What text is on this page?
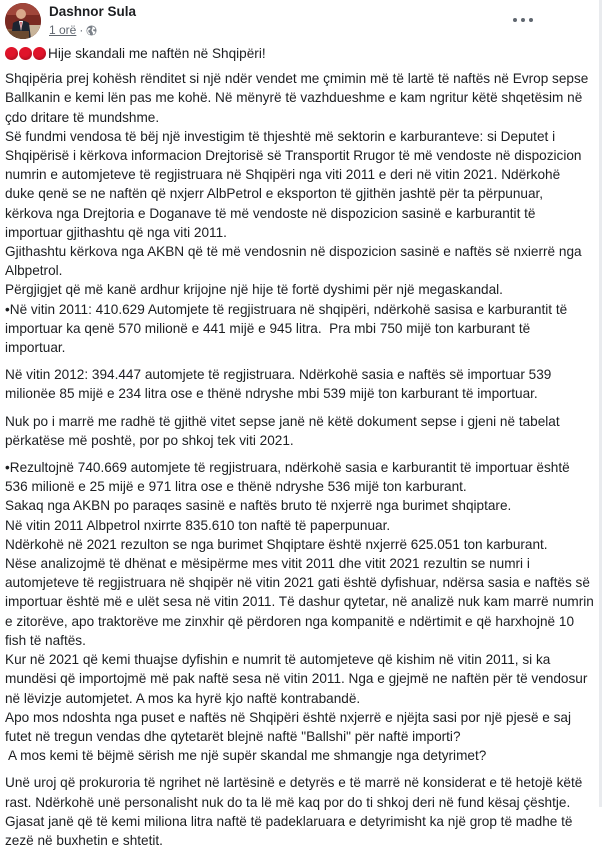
Dashnor Sula
1 orë ·
Hije skandali me naftën në Shqipëri!
Shqipëria prej kohësh rënditet si një ndër vendet me çmimin më të lartë të naftës në Evrop sepse
Ballkanin e kemi lën pas me kohë. Në mënyrë të vazhdueshme e kam ngritur këtë shqetësim në
çdo dritare të mundshme.
Së fundmi vendosa të bëj një investigim të thjeshtë më sektorin e karburanteve: si Deputet i
Shqipërisë i kërkova informacion Drejtorisë së Transportit Rrugor të më vendoste në dispozicion
numrin e automjeteve të regjistruara në Shqipëri nga viti 2011 e deri në vitin 2021. Ndërkohë
duke qenë se ne naftën që nxjerr AlbPetrol e eksporton të gjithën jashtë për ta përpunuar,
kërkova nga Drejtoria e Doganave të më vendoste në dispozicion sasinë e karburantit të
importuar gjithashtu që nga viti 2011.
Gjithashtu kërkova nga AKBN që të më vendosnin në dispozicion sasinë e naftës së nxierrë nga
Albpetrol.
Përgjigjet që më kanë ardhur krijojne një hije të fortë dyshimi për një megaskandal.
•Në vitin 2011: 410.629 Automjete të regjistruara në shqipëri, ndërkohë sasisa e karburantit të
importuar ka qenë 570 milionë e 441 mijë e 945 litra.  Pra mbi 750 mijë ton karburant të
importuar.
Në vitin 2012: 394.447 automjete të regjistruara. Ndërkohë sasia e naftës së importuar 539
milionëe 85 mijë e 234 litra ose e thënë ndryshe mbi 539 mijë ton karburant të importuar.
Nuk po i marrë me radhë të gjithë vitet sepse janë në këtë dokument sepse i gjeni në tabelat
përkatëse më poshtë, por po shkoj tek viti 2021.
•Rezultojnë 740.669 automjete të regjistruara, ndërkohë sasia e karburantit të importuar është
536 milionë e 25 mijë e 971 litra ose e thënë ndryshe 536 mijë ton karburant.
Sakaq nga AKBN po paraqes sasinë e naftës bruto të nxjerrë nga burimet shqiptare.
Në vitin 2011 Albpetrol nxirrte 835.610 ton naftë të paperpunuar.
Ndërkohë në 2021 rezulton se nga burimet Shqiptare është nxjerrë 625.051 ton karburant.
Nëse analizojmë të dhënat e mësipërme mes vitit 2011 dhe vitit 2021 rezultin se numri i
automjeteve të regjistruara në shqipër në vitin 2021 gati është dyfishuar, ndërsa sasia e naftës së
importuar është më e ulët sesa në vitin 2011. Të dashur qytetar, në analizë nuk kam marrë numrin
e zitorëve, apo traktorëve me zinxhir që përdoren nga kompanitë e ndërtimit e që harxhojnë 10
fish të naftës.
Kur në 2021 që kemi thuajse dyfishin e numrit të automjeteve që kishim në vitin 2011, si ka
mundësi që importojmë më pak naftë sesa në vitin 2011. Nga e gjejmë ne naftën për të vendosur
në lëvizje automjetet. A mos ka hyrë kjo naftë kontrabandë.
Apo mos ndoshta nga puset e naftës në Shqipëri është nxjerrë e njëjta sasi por një pjesë e saj
futet në tregun vendas dhe qytetarët blejnë naftë "Ballshi" për naftë importi?
A mos kemi të bëjmë sërish me një supër skandal me shmangje nga detyrimet?
Unë uroj që prokuroria të ngrihet në lartësinë e detyrës e të marrë në konsiderat e të hetojë këtë
rast. Ndërkohë unë personalisht nuk do ta lë më kaq por do ti shkoj deri në fund kësaj çështje.
Gjasat janë që të kemi miliona litra naftë të padeklaruara e detyrimisht ka një grop të madhe të
zezë në buxhetin e shtetit.
